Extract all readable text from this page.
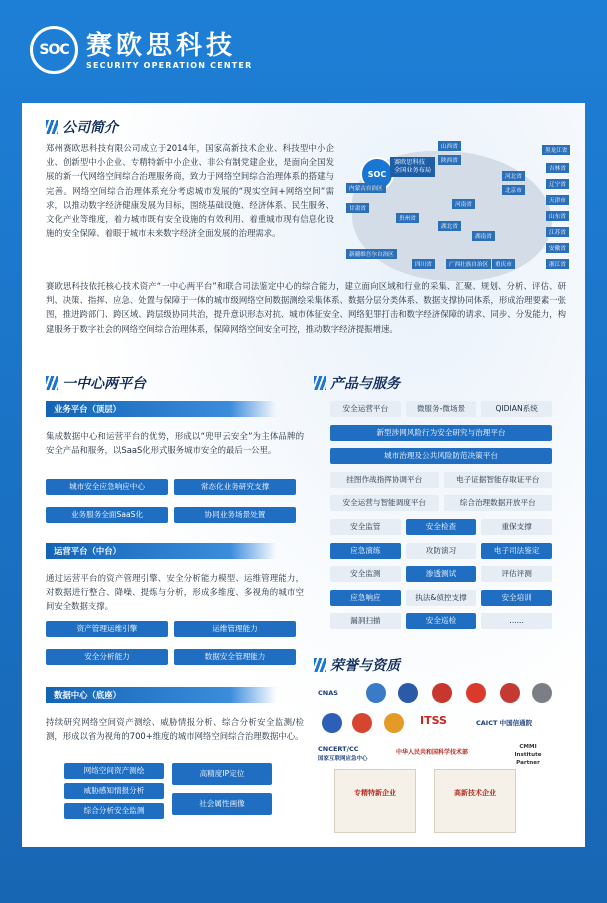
SOC 赛欧思科技
SECURITY OPERATION CENTER
公司简介
郑州赛欧思科技有限公司成立于2014年，国家高新技术企业、科技型中小企业、创新型中小企业、专精特新中小企业、非公有制党建企业，是面向全国发展的新一代网络空间综合治理服务商，致力于网络空间综合治理体系的搭建与完善。网络空间综合治理体系充分考虑城市发展的“现实空间+网络空间”需求，以推动数字经济健康发展为目标，围绕基础设施、经济体系、民生服务、文化产业等维度，着力城市既有安全设施的有效利用、着重城市现有信息化设施的安全保障、着眼于城市未来数字经济全面发展的治理需求。
SOC
赛欧思科技
全国业务布局
山西省
黑龙江省
陕西省
吉林省
辽宁省
内蒙古自治区
河北省
北京市
天津市
山东省
江苏省
贵州省
甘肃省
安徽省
新疆维吾尔自治区
四川省	广西壮族自治区
湖南省
浙江省
重庆市
河南省
湖北省
赛欧思科技依托核心技术资产“一中心两平台”和联合司法鉴定中心的综合能力，建立面向区域和行业的采集、汇聚、规划、分析、评估、研判、决策、指挥、应急、处置与保障于一体的城市级网络空间数据测绘采集体系、数据分层分类体系、数据支撑协同体系，形成治理要素一张图，推进跨部门、跨区域、跨层级协同共治，提升意识形态对抗、城市体征安全、网络犯罪打击和数字经济保障的请求、同步、分发能力，构建服务于数字社会的网络空间综合治理体系，保障网络空间安全可控，推动数字经济提振增速。
一中心两平台
业务平台（顶层）
集成数据中心和运营平台的优势，形成以“兜甲云安全”为主体品牌的安全产品和服务，以SaaS化形式服务城市安全的最后一公里。
城市安全应急响应中心	常态化业务研究支撑
业务服务全面SaaS化	协同业务场景处置
运营平台（中台）
通过运营平台的资产管理引擎、安全分析能力模型、运维管理能力，对数据进行整合、降噪、提炼与分析，形成多维度、多视角的城市空间安全数据支撑。
资产管理运维引擎	运维管理能力
安全分析能力	数据安全管理能力
数据中心（底座）
持续研究网络空间资产测绘、威胁情报分析、综合分析安全监测/检测，形成以省为视角的700+维度的城市网络空间综合治理数据中心。
网络空间资产测绘
威胁感知情报分析
综合分析安全监测
高精度IP定位
社会属性画像
产品与服务
荣誉与资质
CNAS
ITSS	CAICT 中国信通院
CNCERT/CC
国家互联网应急中心
中华人民共和国科学技术部
CMMI Institute Partner
专精特新企业	高新技术企业
安全运营平台	微服务-微场景	QIDIAN系统
新型涉网风险行为安全研究与治理平台
城市治理及公共风险防范决策平台
挂图作战指挥协调平台	电子证据智能存取证平台
安全运营与智能调度平台	综合治理数据开放平台
安全监管	安全检查	重保支撑
应急演练	攻防演习	电子司法鉴定
安全监测	渗透测试	评估评测
应急响应	执法&侦控支撑	安全培训
漏洞扫描	安全巡检	......
